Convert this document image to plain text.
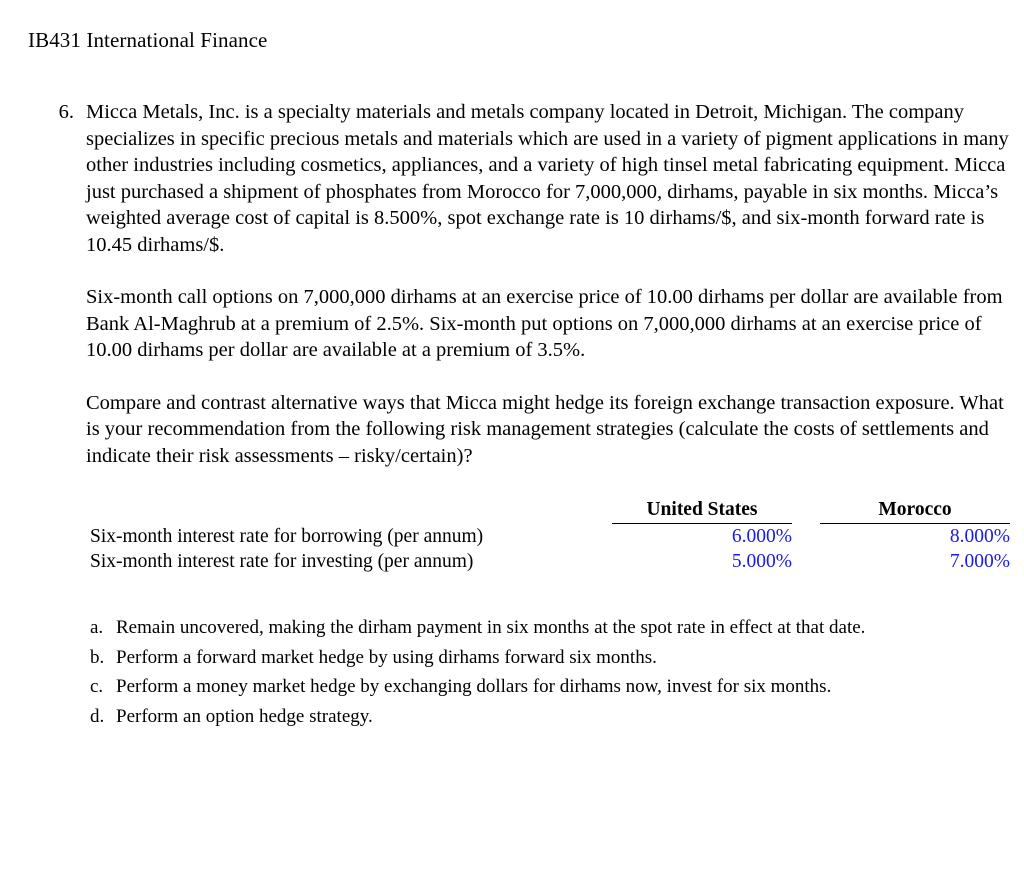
IB431 International Finance
6. Micca Metals, Inc. is a specialty materials and metals company located in Detroit, Michigan. The company specializes in specific precious metals and materials which are used in a variety of pigment applications in many other industries including cosmetics, appliances, and a variety of high tinsel metal fabricating equipment. Micca just purchased a shipment of phosphates from Morocco for 7,000,000, dirhams, payable in six months. Micca’s weighted average cost of capital is 8.500%, spot exchange rate is 10 dirhams/$, and six-month forward rate is 10.45 dirhams/$.

Six-month call options on 7,000,000 dirhams at an exercise price of 10.00 dirhams per dollar are available from Bank Al-Maghrub at a premium of 2.5%. Six-month put options on 7,000,000 dirhams at an exercise price of 10.00 dirhams per dollar are available at a premium of 3.5%.

Compare and contrast alternative ways that Micca might hedge its foreign exchange transaction exposure. What is your recommendation from the following risk management strategies (calculate the costs of settlements and indicate their risk assessments – risky/certain)?

	United States		Morocco
Six-month interest rate for borrowing (per annum)	6.000%		8.000%
Six-month interest rate for investing (per annum)	5.000%		7.000%
a. Remain uncovered, making the dirham payment in six months at the spot rate in effect at that date.
b. Perform a forward market hedge by using dirhams forward six months.
c. Perform a money market hedge by exchanging dollars for dirhams now, invest for six months.
d. Perform an option hedge strategy.
